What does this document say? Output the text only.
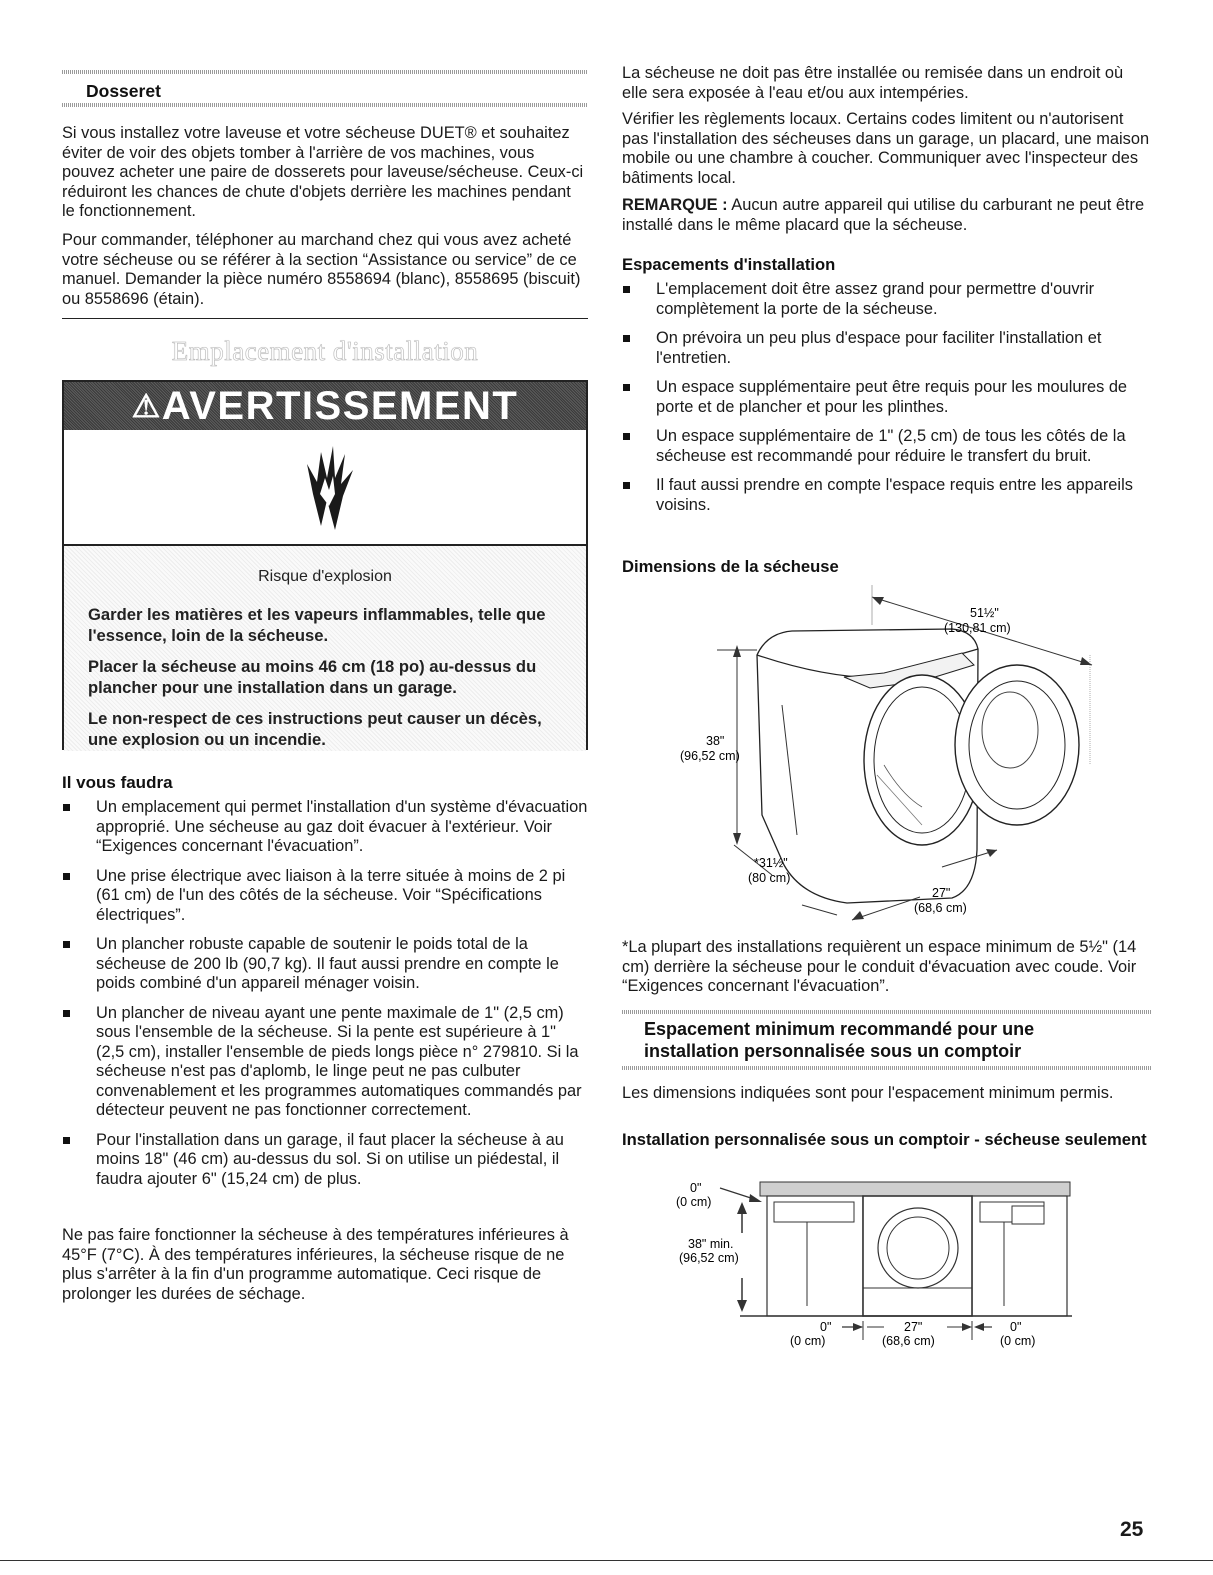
Dosseret

Si vous installez votre laveuse et votre sécheuse DUET® et souhaitez éviter de voir des objets tomber à l'arrière de vos machines, vous pouvez acheter une paire de dosserets pour laveuse/sécheuse. Ceux-ci réduiront les chances de chute d'objets derrière les machines pendant le fonctionnement.

Pour commander, téléphoner au marchand chez qui vous avez acheté votre sécheuse ou se référer à la section “Assistance ou service” de ce manuel. Demander la pièce numéro 8558694 (blanc), 8558695 (biscuit) ou 8558696 (étain).

Emplacement d'installation
⚠AVERTISSEMENT
Risque d'explosion

Garder les matières et les vapeurs inflammables, telle que l'essence, loin de la sécheuse.

Placer la sécheuse au moins 46 cm (18 po) au-dessus du plancher pour une installation dans un garage.

Le non-respect de ces instructions peut causer un décès, une explosion ou un incendie.

Il vous faudra
Un emplacement qui permet l'installation d'un système d'évacuation approprié. Une sécheuse au gaz doit évacuer à l'extérieur. Voir “Exigences concernant l'évacuation”.
Une prise électrique avec liaison à la terre située à moins de 2 pi (61 cm) de l'un des côtés de la sécheuse. Voir “Spécifications électriques”.
Un plancher robuste capable de soutenir le poids total de la sécheuse de 200 lb (90,7 kg). Il faut aussi prendre en compte le poids combiné d'un appareil ménager voisin.
Un plancher de niveau ayant une pente maximale de 1" (2,5 cm) sous l'ensemble de la sécheuse. Si la pente est supérieure à 1" (2,5 cm), installer l'ensemble de pieds longs pièce n° 279810. Si la sécheuse n'est pas d'aplomb, le linge peut ne pas culbuter convenablement et les programmes automatiques commandés par détecteur peuvent ne pas fonctionner correctement.
Pour l'installation dans un garage, il faut placer la sécheuse à au moins 18" (46 cm) au-dessus du sol. Si on utilise un piédestal, il faudra ajouter 6" (15,24 cm) de plus.

Ne pas faire fonctionner la sécheuse à des températures inférieures à 45°F (7°C). À des températures inférieures, la sécheuse risque de ne plus s'arrêter à la fin d'un programme automatique. Ceci risque de prolonger les durées de séchage.

La sécheuse ne doit pas être installée ou remisée dans un endroit où elle sera exposée à l'eau et/ou aux intempéries.

Vérifier les règlements locaux. Certains codes limitent ou n'autorisent pas l'installation des sécheuses dans un garage, un placard, une maison mobile ou une chambre à coucher. Communiquer avec l'inspecteur des bâtiments local.

REMARQUE : Aucun autre appareil qui utilise du carburant ne peut être installé dans le même placard que la sécheuse.

Espacements d'installation
L'emplacement doit être assez grand pour permettre d'ouvrir complètement la porte de la sécheuse.
On prévoira un peu plus d'espace pour faciliter l'installation et l'entretien.
Un espace supplémentaire peut être requis pour les moulures de porte et de plancher et pour les plinthes.
Un espace supplémentaire de 1" (2,5 cm) de tous les côtés de la sécheuse est recommandé pour réduire le transfert du bruit.
Il faut aussi prendre en compte l'espace requis entre les appareils voisins.
Dimensions de la sécheuse
51½"
(130,81 cm)
38"
(96,52 cm)
*31½"
(80 cm)
27"
(68,6 cm)

*La plupart des installations requièrent un espace minimum de 5½" (14 cm) derrière la sécheuse pour le conduit d'évacuation avec coude. Voir “Exigences concernant l'évacuation”.

Espacement minimum recommandé pour une installation personnalisée sous un comptoir

Les dimensions indiquées sont pour l'espacement minimum permis.

Installation personnalisée sous un comptoir - sécheuse seulement
0"
(0 cm)
38" min.
(96,52 cm)
0"
(0 cm)
27"
(68,6 cm)
0"
(0 cm)
25
